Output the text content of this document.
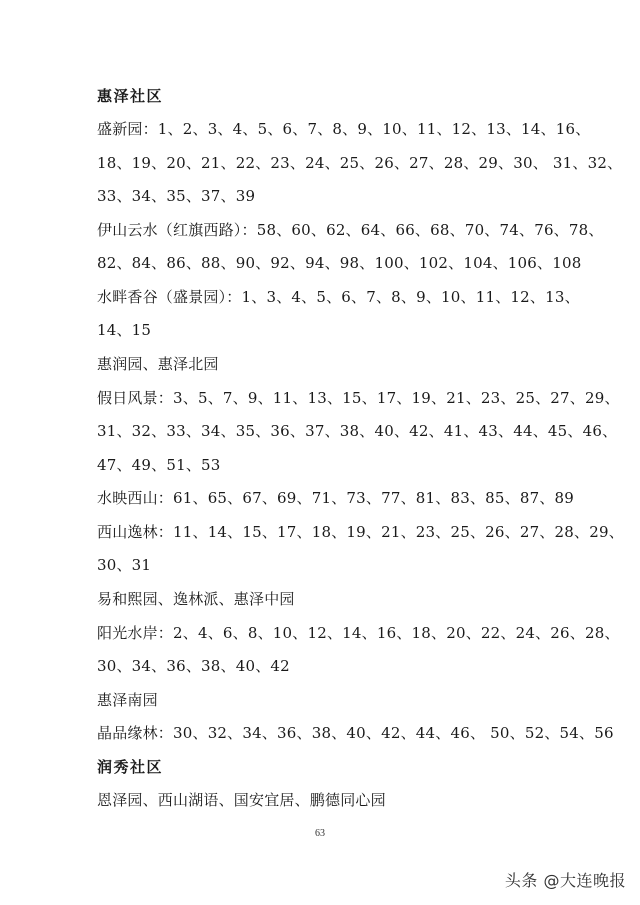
惠泽社区
盛新园：1、2、3、4、5、6、7、8、9、10、11、12、13、14、16、
18、19、20、21、22、23、24、25、26、27、28、29、30、 31、32、
33、34、35、37、39
伊山云水（红旗西路）：58、60、62、64、66、68、70、74、76、78、
82、84、86、88、90、92、94、98、100、102、104、106、108
水畔香谷（盛景园）：1、3、4、5、6、7、8、9、10、11、12、13、
14、15
惠润园、惠泽北园
假日风景：3、5、7、9、11、13、15、17、19、21、23、25、27、29、
31、32、33、34、35、36、37、38、40、42、41、43、44、45、46、
47、49、51、53
水映西山：61、65、67、69、71、73、77、81、83、85、87、89
西山逸林：11、14、15、17、18、19、21、23、25、26、27、28、29、
30、31
易和熙园、逸林派、惠泽中园
阳光水岸：2、4、6、8、10、12、14、16、18、20、22、24、26、28、
30、34、36、38、40、42
惠泽南园
晶品缘林：30、32、34、36、38、40、42、44、46、 50、52、54、56
润秀社区
恩泽园、西山湖语、国安宜居、鹏德同心园
63
头条 @大连晚报
